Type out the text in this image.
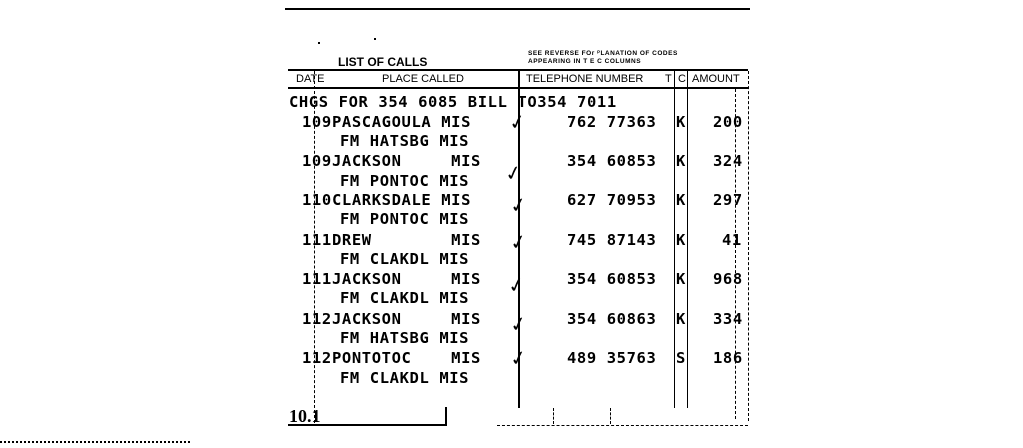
LIST OF CALLS
SEE REVERSE FOᴦ ᴾLANATION OF CODES
APPEARING IN T E C COLUMNS
DATE	PLACE CALLED	TELEPHONE NUMBER T C AMOUNT
CHGS FOR 354 6085 BILL TO354 7011
109 PASCAGOULA MIS
FM HATSBG MIS
762 77363 K 200
✓
109 JACKSON     MIS
FM PONTOC MIS
354 60853 K 324
✓
110 CLARKSDALE MIS
FM PONTOC MIS
627 70953 K 297
✓
111 DREW        MIS
FM CLAKDL MIS
745 87143 K 41
✓
111 JACKSON     MIS
FM CLAKDL MIS
354 60853 K 968
✓
112 JACKSON     MIS
FM HATSBG MIS
354 60863 K 334
✓
112 PONTOTOC    MIS
FM CLAKDL MIS
489 35763 S 186
✓
10.1
